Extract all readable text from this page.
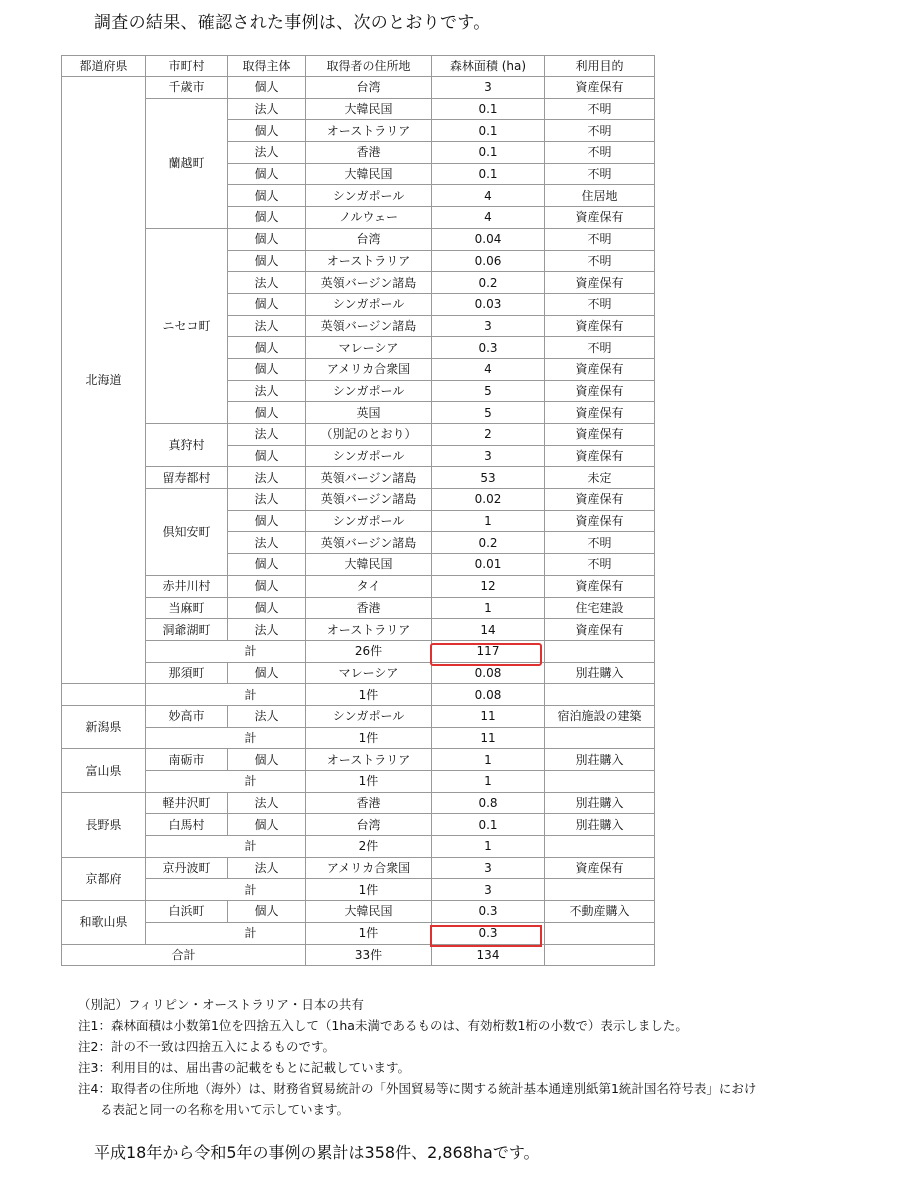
調査の結果、確認された事例は、次のとおりです。
都道府県	市町村	取得主体	取得者の住所地	森林面積 (ha)	利用目的
北海道	千歳市	個人	台湾	3	資産保有
	蘭越町	法人	大韓民国	0.1	不明
		個人	オーストラリア	0.1	不明
		法人	香港	0.1	不明
		個人	大韓民国	0.1	不明
		個人	シンガポール	4	住居地
		個人	ノルウェー	4	資産保有
	ニセコ町	個人	台湾	0.04	不明
		個人	オーストラリア	0.06	不明
		法人	英領バージン諸島	0.2	資産保有
		個人	シンガポール	0.03	不明
		法人	英領バージン諸島	3	資産保有
		個人	マレーシア	0.3	不明
		個人	アメリカ合衆国	4	資産保有
		法人	シンガポール	5	資産保有
		個人	英国	5	資産保有
	真狩村	法人	（別記のとおり）	2	資産保有
		個人	シンガポール	3	資産保有
	留寿都村	法人	英領バージン諸島	53	未定
	倶知安町	法人	英領バージン諸島	0.02	資産保有
		個人	シンガポール	1	資産保有
		法人	英領バージン諸島	0.2	不明
		個人	大韓民国	0.01	不明
	赤井川村	個人	タイ	12	資産保有
	当麻町	個人	香港	1	住宅建設
	洞爺湖町	法人	オーストラリア	14	資産保有
	計		26件	117	
	那須町	個人	マレーシア	0.08	別荘購入
	計		1件	0.08	
新潟県	妙高市	法人	シンガポール	11	宿泊施設の建築
	計		1件	11	
富山県	南砺市	個人	オーストラリア	1	別荘購入
	計		1件	1	
長野県	軽井沢町	法人	香港	0.8	別荘購入
	白馬村	個人	台湾	0.1	別荘購入
	計		2件	1	
京都府	京丹波町	法人	アメリカ合衆国	3	資産保有
	計		1件	3	
和歌山県	白浜町	個人	大韓民国	0.3	不動産購入
	計		1件	0.3	
合計			33件	134	
（別記）フィリピン・オーストラリア・日本の共有
注1：森林面積は小数第1位を四捨五入して（1ha未満であるものは、有効桁数1桁の小数で）表示しました。
注2：計の不一致は四捨五入によるものです。
注3：利用目的は、届出書の記載をもとに記載しています。
注4：取得者の住所地（海外）は、財務省貿易統計の「外国貿易等に関する統計基本通達別紙第1統計国名符号表」におけ
る表記と同一の名称を用いて示しています。
平成18年から令和5年の事例の累計は358件、2,868haです。
